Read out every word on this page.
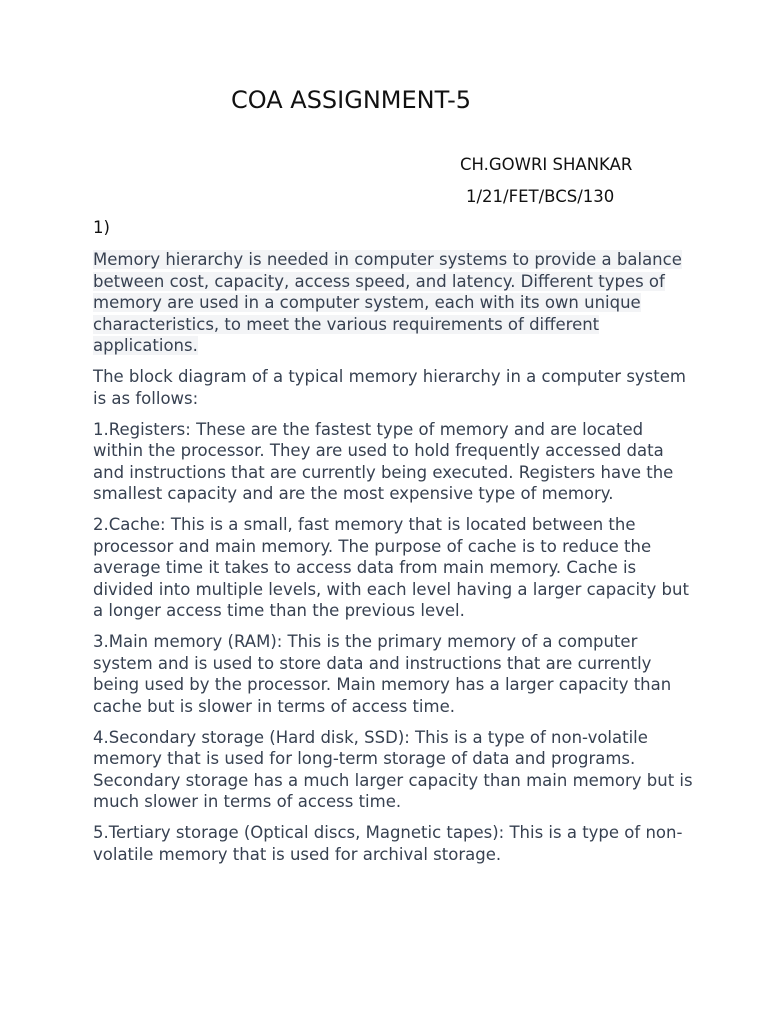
COA ASSIGNMENT-5
CH.GOWRI SHANKAR
1/21/FET/BCS/130
1)

Memory hierarchy is needed in computer systems to provide a balance between cost, capacity, access speed, and latency. Different types of memory are used in a computer system, each with its own unique characteristics, to meet the various requirements of different applications.

The block diagram of a typical memory hierarchy in a computer system is as follows:

1.Registers: These are the fastest type of memory and are located within the processor. They are used to hold frequently accessed data and instructions that are currently being executed. Registers have the smallest capacity and are the most expensive type of memory.

2.Cache: This is a small, fast memory that is located between the processor and main memory. The purpose of cache is to reduce the average time it takes to access data from main memory. Cache is divided into multiple levels, with each level having a larger capacity but a longer access time than the previous level.

3.Main memory (RAM): This is the primary memory of a computer system and is used to store data and instructions that are currently being used by the processor. Main memory has a larger capacity than cache but is slower in terms of access time.

4.Secondary storage (Hard disk, SSD): This is a type of non-volatile memory that is used for long-term storage of data and programs. Secondary storage has a much larger capacity than main memory but is much slower in terms of access time.

5.Tertiary storage (Optical discs, Magnetic tapes): This is a type of non-volatile memory that is used for archival storage.
